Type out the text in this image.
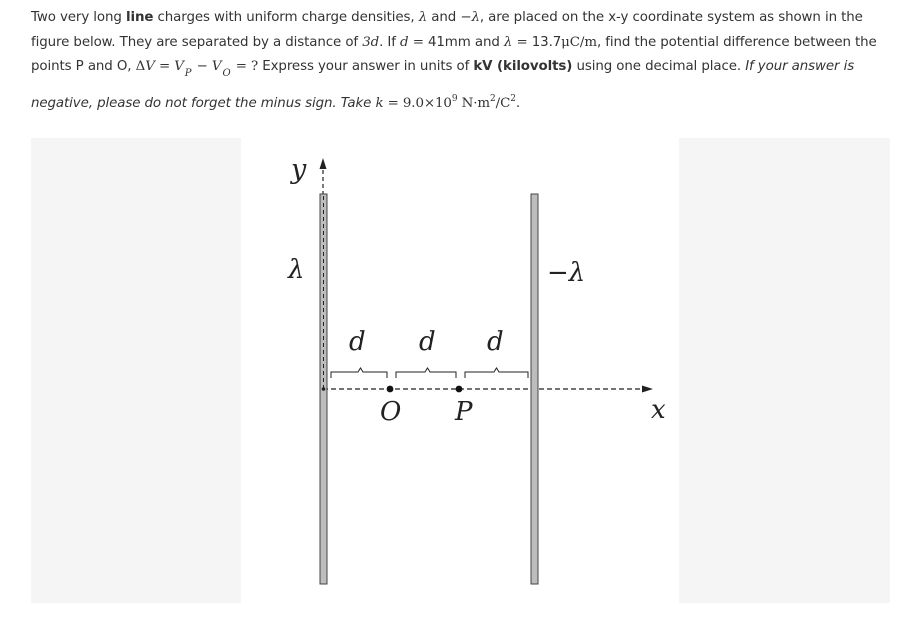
Two very long line charges with uniform charge densities, λ and −λ, are placed on the x-y coordinate system as shown in the figure below. They are separated by a distance of 3d. If d = 41mm and λ = 13.7μC/m, find the potential difference between the points P and O, $\Delta V = V_P - V_O$ = ? Express your answer in units of kV (kilovolts) using one decimal place. If your answer is negative, please do not forget the minus sign. Take $k = 9.0\times 10^9$ $N\cdot m^2/C^2$.

y
x
λ	−λ
d d d
O P
